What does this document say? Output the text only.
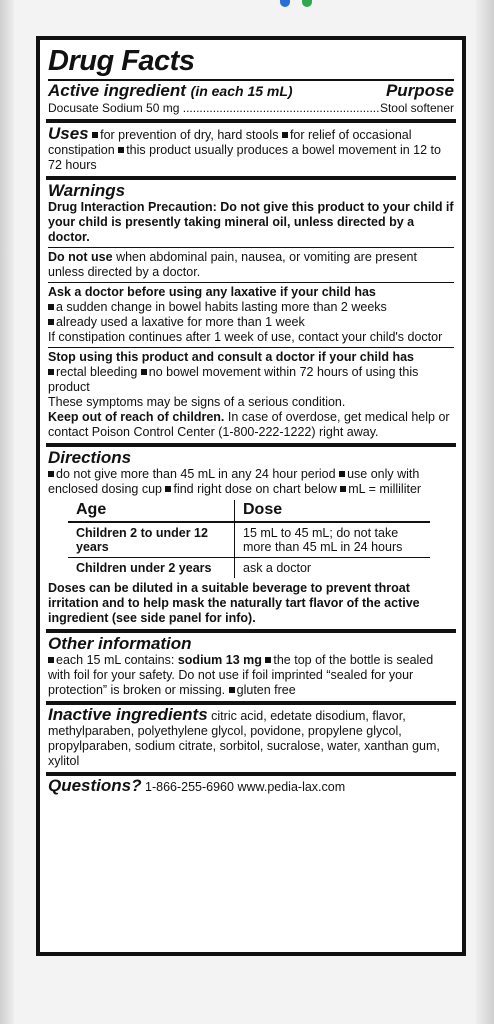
Drug Facts
Active ingredient (in each 15 mL)	Purpose
Docusate Sodium 50 mg .....	Stool softener
Uses for prevention of dry, hard stools for relief of occasional constipation this product usually produces a bowel movement in 12 to 72 hours
Warnings
Drug Interaction Precaution: Do not give this product to your child if your child is presently taking mineral oil, unless directed by a doctor.
Do not use when abdominal pain, nausea, or vomiting are present unless directed by a doctor.
Ask a doctor before using any laxative if your child has
a sudden change in bowel habits lasting more than 2 weeks
already used a laxative for more than 1 week
If constipation continues after 1 week of use, contact your child's doctor
Stop using this product and consult a doctor if your child has
rectal bleeding no bowel movement within 72 hours of using this product
These symptoms may be signs of a serious condition.
Keep out of reach of children. In case of overdose, get medical help or contact Poison Control Center (1-800-222-1222) right away.
Directions
do not give more than 45 mL in any 24 hour period use only with enclosed dosing cup find right dose on chart below mL = milliliter
Age	Dose
Children 2 to under 12 years	15 mL to 45 mL; do not take more than 45 mL in 24 hours
Children under 2 years	ask a doctor
Doses can be diluted in a suitable beverage to prevent throat irritation and to help mask the naturally tart flavor of the active ingredient (see side panel for info).
Other information
each 15 mL contains: sodium 13 mg the top of the bottle is sealed with foil for your safety. Do not use if foil imprinted “sealed for your protection” is broken or missing. gluten free
Inactive ingredients citric acid, edetate disodium, flavor, methylparaben, polyethylene glycol, povidone, propylene glycol, propylparaben, sodium citrate, sorbitol, sucralose, water, xanthan gum, xylitol
Questions? 1-866-255-6960 www.pedia-lax.com
